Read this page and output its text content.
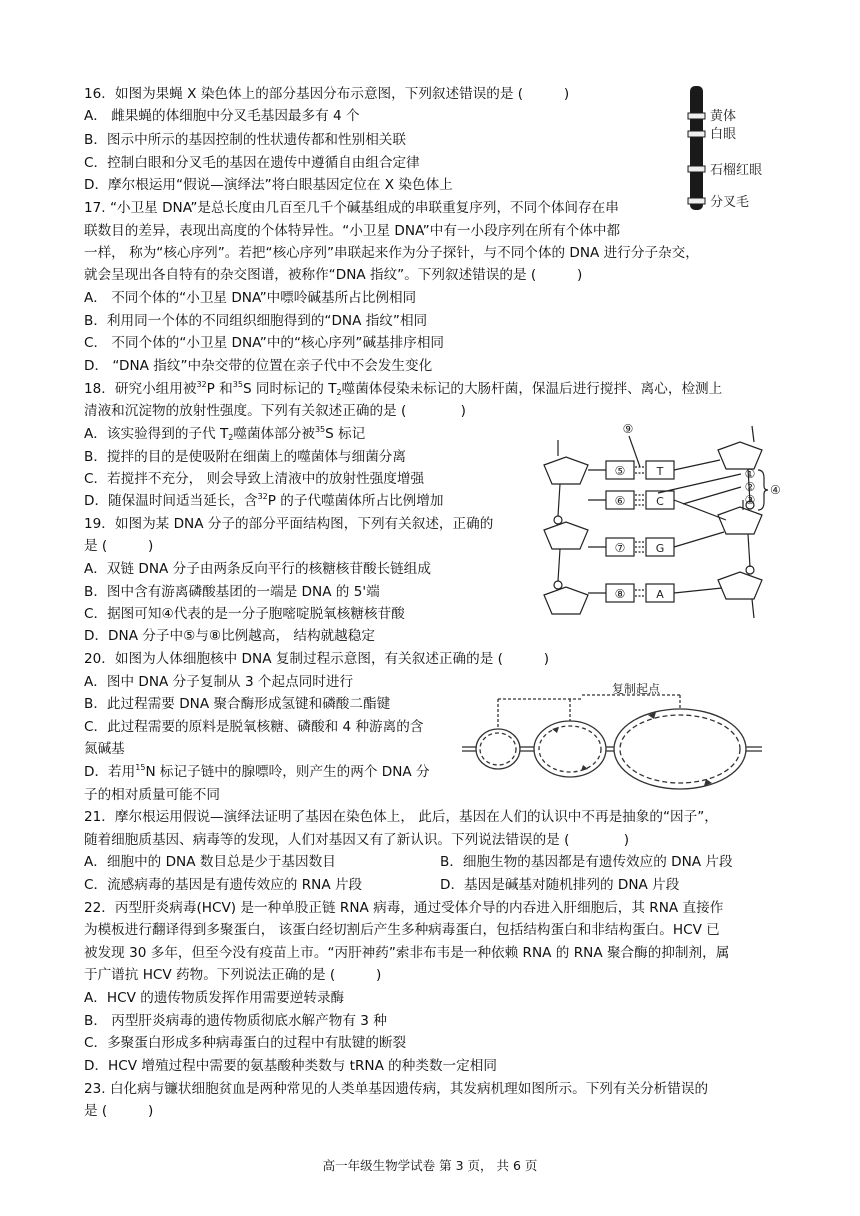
16．如图为果蝇 X 染色体上的部分基因分布示意图，下列叙述错误的是 (　　　)
A． 雌果蝇的体细胞中分叉毛基因最多有 4 个
B．图示中所示的基因控制的性状遗传都和性别相关联
C．控制白眼和分叉毛的基因在遗传中遵循自由组合定律
D．摩尔根运用“假说—演绎法”将白眼基因定位在 X 染色体上
黄体
白眼
石榴红眼
分叉毛
17. “小卫星 DNA”是总长度由几百至几千个碱基组成的串联重复序列，不同个体间存在串
联数目的差异，表现出高度的个体特异性。“小卫星 DNA”中有一小段序列在所有个体中都
一样， 称为“核心序列”。若把“核心序列”串联起来作为分子探针，与不同个体的 DNA 进行分子杂交，
就会呈现出各自特有的杂交图谱，被称作“DNA 指纹”。下列叙述错误的是 (　　　)
A． 不同个体的“小卫星 DNA”中嘌呤碱基所占比例相同
B．利用同一个体的不同组织细胞得到的“DNA 指纹”相同
C． 不同个体的“小卫星 DNA”中的“核心序列”碱基排序相同
D． “DNA 指纹”中杂交带的位置在亲子代中不会发生变化
18．研究小组用被$^{32}$P 和$^{35}$S 同时标记的 $T_2$噬菌体侵染未标记的大肠杆菌，保温后进行搅拌、离心，检测上
清液和沉淀物的放射性强度。下列有关叙述正确的是 (　　　　)
A．该实验得到的子代 $T_2$噬菌体部分被$^{35}$S 标记
B．搅拌的目的是使吸附在细菌上的噬菌体与细菌分离
C．若搅拌不充分， 则会导致上清液中的放射性强度增强
D．随保温时间适当延长，含$^{32}$P 的子代噬菌体所占比例增加
⑤	T
⑥	C
⑦	G
⑧	A
⑨
①
②
③
④
19．如图为某 DNA 分子的部分平面结构图，下列有关叙述，正确的
是 (　　　)
A．双链 DNA 分子由两条反向平行的核糖核苷酸长链组成
B．图中含有游离磷酸基团的一端是 DNA 的 5'端
C．据图可知④代表的是一分子胞嘧啶脱氧核糖核苷酸
D．DNA 分子中⑤与⑧比例越高， 结构就越稳定
20．如图为人体细胞核中 DNA 复制过程示意图，有关叙述正确的是 (　　　)
A．图中 DNA 分子复制从 3 个起点同时进行
B．此过程需要 DNA 聚合酶形成氢键和磷酸二酯键
C．此过程需要的原料是脱氧核糖、磷酸和 4 种游离的含
氮碱基
D．若用$^{15}$N 标记子链中的腺嘌呤，则产生的两个 DNA 分
子的相对质量可能不同
复制起点
21．摩尔根运用假说—演绎法证明了基因在染色体上， 此后，基因在人们的认识中不再是抽象的“因子”，
随着细胞质基因、病毒等的发现，人们对基因又有了新认识。下列说法错误的是 (　　　　)
A．细胞中的 DNA 数目总是少于基因数目	B．细胞生物的基因都是有遗传效应的 DNA 片段
C．流感病毒的基因是有遗传效应的 RNA 片段	D．基因是碱基对随机排列的 DNA 片段
22．丙型肝炎病毒(HCV) 是一种单股正链 RNA 病毒，通过受体介导的内吞进入肝细胞后，其 RNA 直接作
为模板进行翻译得到多聚蛋白， 该蛋白经切割后产生多种病毒蛋白，包括结构蛋白和非结构蛋白。HCV 已
被发现 30 多年，但至今没有疫苗上市。“丙肝神药”索非布韦是一种依赖 RNA 的 RNA 聚合酶的抑制剂，属
于广谱抗 HCV 药物。下列说法正确的是 (　　　)
A．HCV 的遗传物质发挥作用需要逆转录酶
B． 丙型肝炎病毒的遗传物质彻底水解产物有 3 种
C．多聚蛋白形成多种病毒蛋白的过程中有肽键的断裂
D．HCV 增殖过程中需要的氨基酸种类数与 tRNA 的种类数一定相同
23. 白化病与镰状细胞贫血是两种常见的人类单基因遗传病，其发病机理如图所示。下列有关分析错误的
是 (　　　)
高一年级生物学试卷 第 3 页， 共 6 页
